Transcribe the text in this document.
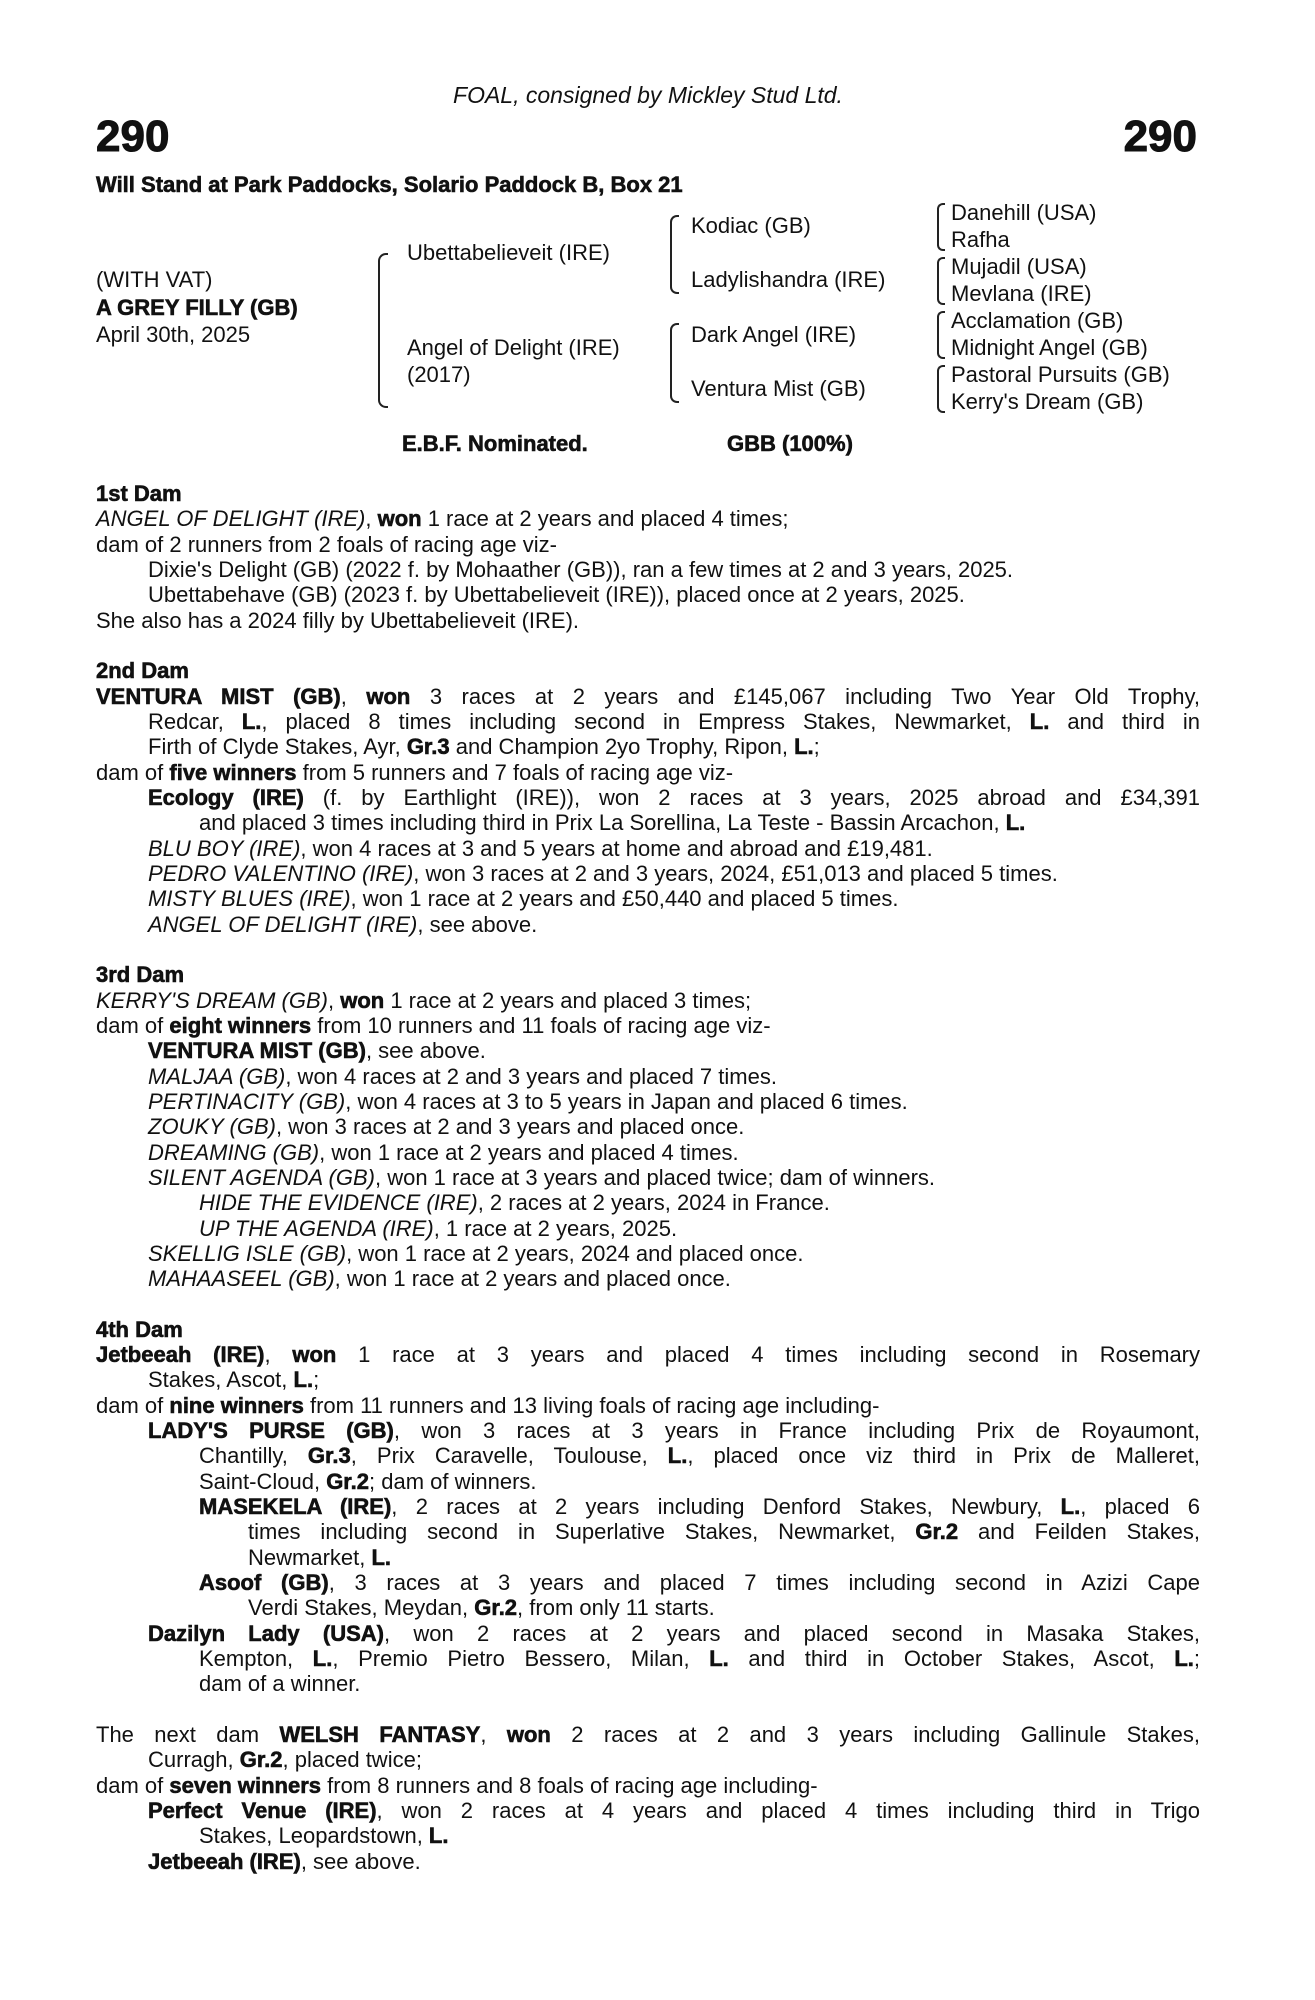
FOAL, consigned by Mickley Stud Ltd.
290	290
Will Stand at Park Paddocks, Solario Paddock B, Box 21
(WITH VAT)
A GREY FILLY (GB)
April 30th, 2025
Ubettabelieveit (IRE)
Angel of Delight (IRE)
(2017)
Kodiac (GB)
Ladylishandra (IRE)
Dark Angel (IRE)
Ventura Mist (GB)
Danehill (USA)
Rafha
Mujadil (USA)
Mevlana (IRE)
Acclamation (GB)
Midnight Angel (GB)
Pastoral Pursuits (GB)
Kerry's Dream (GB)
E.B.F. Nominated.	GBB (100%)
1st Dam
ANGEL OF DELIGHT (IRE), won 1 race at 2 years and placed 4 times;
dam of 2 runners from 2 foals of racing age viz-
Dixie's Delight (GB) (2022 f. by Mohaather (GB)), ran a few times at 2 and 3 years, 2025.
Ubettabehave (GB) (2023 f. by Ubettabelieveit (IRE)), placed once at 2 years, 2025.
She also has a 2024 filly by Ubettabelieveit (IRE).
2nd Dam
VENTURA MIST (GB), won 3 races at 2 years and £145,067 including Two Year Old Trophy,
Redcar, L., placed 8 times including second in Empress Stakes, Newmarket, L. and third in
Firth of Clyde Stakes, Ayr, Gr.3 and Champion 2yo Trophy, Ripon, L.;
dam of five winners from 5 runners and 7 foals of racing age viz-
Ecology (IRE) (f. by Earthlight (IRE)), won 2 races at 3 years, 2025 abroad and £34,391
and placed 3 times including third in Prix La Sorellina, La Teste - Bassin Arcachon, L.
BLU BOY (IRE), won 4 races at 3 and 5 years at home and abroad and £19,481.
PEDRO VALENTINO (IRE), won 3 races at 2 and 3 years, 2024, £51,013 and placed 5 times.
MISTY BLUES (IRE), won 1 race at 2 years and £50,440 and placed 5 times.
ANGEL OF DELIGHT (IRE), see above.
3rd Dam
KERRY'S DREAM (GB), won 1 race at 2 years and placed 3 times;
dam of eight winners from 10 runners and 11 foals of racing age viz-
VENTURA MIST (GB), see above.
MALJAA (GB), won 4 races at 2 and 3 years and placed 7 times.
PERTINACITY (GB), won 4 races at 3 to 5 years in Japan and placed 6 times.
ZOUKY (GB), won 3 races at 2 and 3 years and placed once.
DREAMING (GB), won 1 race at 2 years and placed 4 times.
SILENT AGENDA (GB), won 1 race at 3 years and placed twice; dam of winners.
HIDE THE EVIDENCE (IRE), 2 races at 2 years, 2024 in France.
UP THE AGENDA (IRE), 1 race at 2 years, 2025.
SKELLIG ISLE (GB), won 1 race at 2 years, 2024 and placed once.
MAHAASEEL (GB), won 1 race at 2 years and placed once.
4th Dam
Jetbeeah (IRE), won 1 race at 3 years and placed 4 times including second in Rosemary
Stakes, Ascot, L.;
dam of nine winners from 11 runners and 13 living foals of racing age including-
LADY'S PURSE (GB), won 3 races at 3 years in France including Prix de Royaumont,
Chantilly, Gr.3, Prix Caravelle, Toulouse, L., placed once viz third in Prix de Malleret,
Saint-Cloud, Gr.2; dam of winners.
MASEKELA (IRE), 2 races at 2 years including Denford Stakes, Newbury, L., placed 6
times including second in Superlative Stakes, Newmarket, Gr.2 and Feilden Stakes,
Newmarket, L.
Asoof (GB), 3 races at 3 years and placed 7 times including second in Azizi Cape
Verdi Stakes, Meydan, Gr.2, from only 11 starts.
Dazilyn Lady (USA), won 2 races at 2 years and placed second in Masaka Stakes,
Kempton, L., Premio Pietro Bessero, Milan, L. and third in October Stakes, Ascot, L.;
dam of a winner.
The next dam WELSH FANTASY, won 2 races at 2 and 3 years including Gallinule Stakes,
Curragh, Gr.2, placed twice;
dam of seven winners from 8 runners and 8 foals of racing age including-
Perfect Venue (IRE), won 2 races at 4 years and placed 4 times including third in Trigo
Stakes, Leopardstown, L.
Jetbeeah (IRE), see above.
